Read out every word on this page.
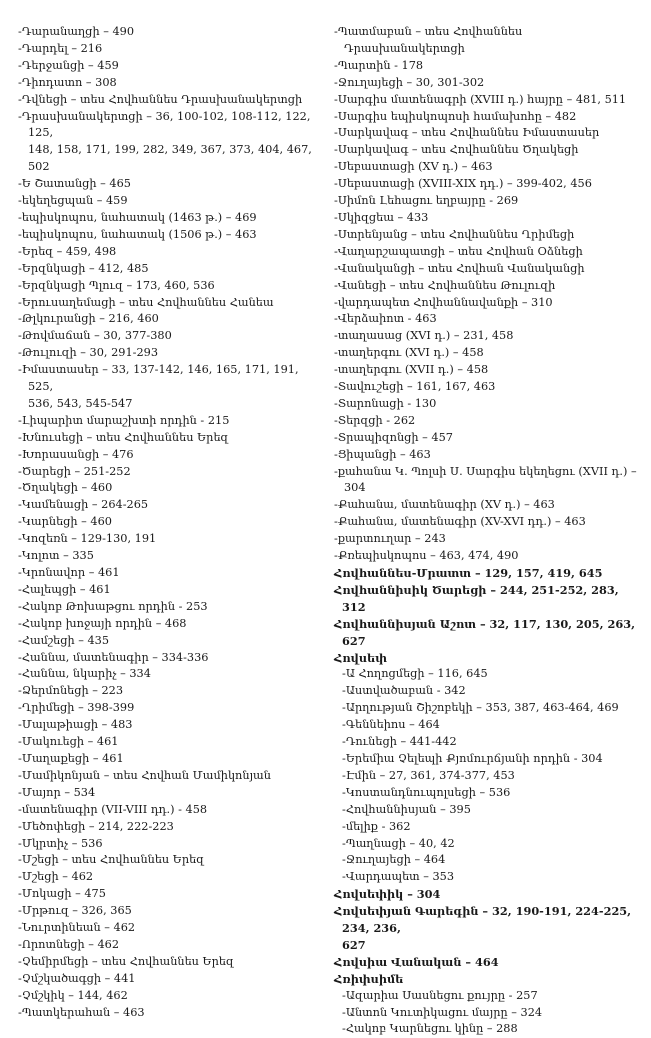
-Դարանաղցի – 490
-Դարդել – 216
-Դերջանցի – 459
-Դիոդատո – 308
-Դվնեցի – տես Հովհաննես Դրասխանակերտցի
-Դրասխանակերտցի – 36, 100-102, 108-112, 122, 125,
148, 158, 171, 199, 282, 349, 367, 373, 404, 467, 502
-Ե Շատանցի – 465
-եկեղեցպան – 459
-եպիսկոպոս, նահատակ (1463 թ.) – 469
-եպիսկոպոս, նահատակ (1506 թ.) – 463
-Երեզ – 459, 498
-Երզնկացի – 412, 485
-Երզնկացի Պլուզ – 173, 460, 536
-Երուսաղեմացի – տես Հովհաննես Հանեա
-Թլկուրանցի – 216, 460
-Թովմաճան – 30, 377-380
-Թուլուզի – 30, 291-293
-Իմաստասեր – 33, 137-142, 146, 165, 171, 191, 525,
536, 543, 545-547
-Լիպարիտ մարաշխտի որդին - 215
-Խնուսեցի – տես Հովհաննես Երեզ
-Խորասանցի – 476
-Ծարեցի – 251-252
-Ծղակեցի – 460
-Կամենացի – 264-265
-Կարնեցի – 460
-Կոզեռն – 129-130, 191
-Կոլոտ – 335
-Կրոնավոր – 461
-Հալեպցի – 461
-Հակոբ Թոխաթցու որդին - 253
-Հակոբ խոջայի որդին – 468
-Համշեցի – 435
-Հաննա, մատենագիր – 334-336
-Հաննա, նկարիչ – 334
-Ձերմոնեցի – 223
-Ղրիմեցի – 398-399
-Մալաթիացի – 483
-Մակուեցի – 461
-Մաղաքեցի – 461
-Մամիկոնյան – տես Հովհան Մամիկոնյան
-Մայոր – 534
-մատենագիր (VII-VIII դդ.) - 458
-Մեծոփեցի – 214, 222-223
-Մկրտիչ – 536
-Մշեցի – տես Հովհաննես Երեզ
-Մշեցի – 462
-Մոկացի – 475
-Մրթուզ – 326, 365
-Նուրտինեան – 462
-Որոտնեցի – 462
-Չեմիրմեցի – տես Հովհաննես Երեզ
-Չմշկածագցի – 441
-Չմշկիկ – 144, 462
-Պատկերահան – 463
-Պատմաբան – տես Հովհաննես Դրասխանակերտցի
-Պարտին - 178
-Ջուղայեցի – 30, 301-302
-Սարգիս մատենագրի (XVIII դ.) հայրը – 481, 511
-Սարգիս եպիսկոպոսի համախոհը – 482
-Սարկավագ – տես Հովհաննես Իմաստասեր
-Սարկավագ – տես Հովհաննես Ծղակեցի
-Սեբաստացի (XV դ.) – 463
-Սեբաստացի (XVIII-XIX դդ.) – 399-402, 456
-Սիմոն Լեհացու եղբայրը - 269
-Սկիզցեա – 433
-Ստրենյանց – տես Հովհաննես Ղրիմեցի
-Վաղարշապատցի – տես Հովհան Օձնեցի
-Վանականցի – տես Հովհան Վանականցի
-Վանեցի – տես Հովհաննես Թուլուզի
-վարդապետ Հովհաննավանքի – 310
-Վերձաիոտ - 463
-տաղասաց (XVI դ.) – 231, 458
-տաղերգու (XVI դ.) – 458
-տաղերգու (XVII դ.) – 458
-Տավուշեցի – 161, 167, 463
-Տարոնացի - 130
-Տերզցի - 262
-Տրապիզոնցի – 457
-Ցիպանցի – 463
-քահանա Կ. Պոլսի Ս. Սարգիս եկեղեցու (XVII դ.) –
304
-Քահանա, մատենագիր (XV դ.) – 463
-Քահանա, մատենագիր (XV-XVI դդ.) – 463
-քարտուղար – 243
-Քռեպիսկոպոս – 463, 474, 490
Հովհաննես-Մրատտ – 129, 157, 419, 645
Հովհաննիսիկ Ծարեցի – 244, 251-252, 283, 312
Հովհաննիսյան Աշոտ – 32, 117, 130, 205, 263, 627
Հովսեփ
-Ա Հողոցմեցի – 116, 645
-Աստվածաբան - 342
-Արղության Շիշոբեկի – 353, 387, 463-464, 469
-Գեննեիոս – 464
-Դունեցի – 441-442
-Երեմիա Չելեպի Քյոմուրճյանի որդին - 304
-Էմին – 27, 361, 374-377, 453
-Կոստանդնուպոլսեցի – 536
-Հովհաննիսյան – 395
-մելիք - 362
-Պաղնացի – 40, 42
-Ջուղայեցի – 464
-Վարդապետ – 353
Հովսեփիկ – 304
Հովսեփյան Գարեգին – 32, 190-191, 224-225, 234, 236,
627
Հովսիա Վանական – 464
Հռիփսիմե
-Ազարիա Սասնեցու քույրը - 257
-Անտոն Կուտիկացու մայրը – 324
-Հակոբ Կարնեցու կինը – 288
